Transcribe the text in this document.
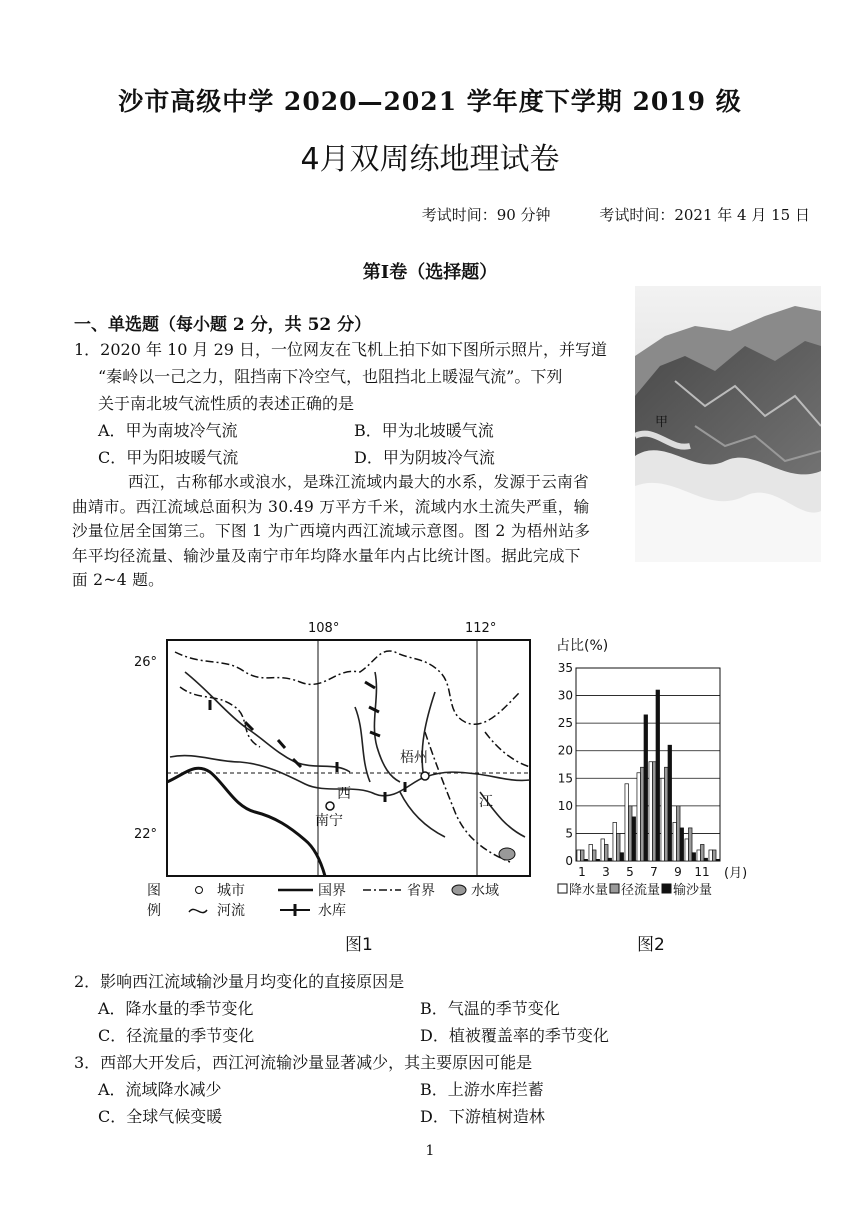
沙市高级中学 2020—2021 学年度下学期 2019 级
4月双周练地理试卷
考试时间：90 分钟	考试时间：2021 年 4 月 15 日
第Ⅰ卷（选择题）
一、单选题（每小题 2 分，共 52 分）
1．2020 年 10 月 29 日，一位网友在飞机上拍下如下图所示照片，并写道
“秦岭以一己之力，阻挡南下冷空气，也阻挡北上暖湿气流”。下列
关于南北坡气流性质的表述正确的是
A．甲为南坡冷气流	B．甲为北坡暖气流
C．甲为阳坡暖气流	D．甲为阴坡冷气流
甲
西江，古称郁水或浪水，是珠江流域内最大的水系，发源于云南省
曲靖市。西江流域总面积为 30.49 万平方千米，流域内水土流失严重，输
沙量位居全国第三。下图 1 为广西境内西江流域示意图。图 2 为梧州站多
年平均径流量、输沙量及南宁市年均降水量年内占比统计图。据此完成下
面 2~4 题。
108°	112°
26°
22°
梧州
西
南宁
江
图
例
城市	国界	省界	水域
河流	水库
图1
0
5
10
15
20
25
30
35
1 3 5 7 9 11
占比(%)
(月)
降水量 径流量 输沙量
图2
2．影响西江流域输沙量月均变化的直接原因是
A．降水量的季节变化	B．气温的季节变化
C．径流量的季节变化	D．植被覆盖率的季节变化
3．西部大开发后，西江河流输沙量显著减少，其主要原因可能是
A．流域降水减少	B．上游水库拦蓄
C．全球气候变暖	D．下游植树造林
1
